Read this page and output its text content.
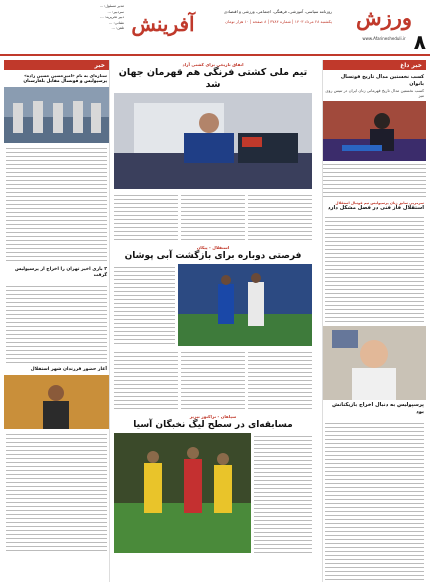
۸
ورزش
www.Afarinesheduli.ir
روزنامه سیاسی، آموزشی، فرهنگی، اجتماعی، ورزشی و اقتصادی
یکشنبه ۲۸ مرداد ۱۴۰۳ | شماره ۳۷۸۴ | ۸ صفحه | ۱۰ هزار تومان
آفرینش
مدیر مسئول: ...
سردبیر: ...
دبیر تحریریه: ...
نشانی: ...
تلفن: ...
خبر داغ
کسب نخستین مدال تاریخ فوتسال بانوان
کسب نخستین مدال تاریخ قهرمانی زنان ایران در تنیس روی میز
سرمربی سابق زنان پرسپولیس تیم فوتبال استقلال
استقلال فاز فنی در فصل مشکل دارد
پرسپولیس به دنبال اخراج بازیکنانش بود
خبر
ستاره‌ای به نام «امیرحسین حسین زاده»
پرسپولیس و فوتسال مقابل بلغارستان
۲ بازی اخیر تهران را اخراج از پرسپولیس گرفت
آغاز حضور فرزندان شهر استقلال
اتفاق تاریخی برای کشتی آزاد
تیم ملی کشتی فرنگی هم قهرمان جهان شد
استقلال - پیکان
فرصتی دوباره برای بازگشت آبی پوشان
سپاهان - تراکتور تبریز
مسابقه‌ای در سطح لیگ نخبگان آسیا
